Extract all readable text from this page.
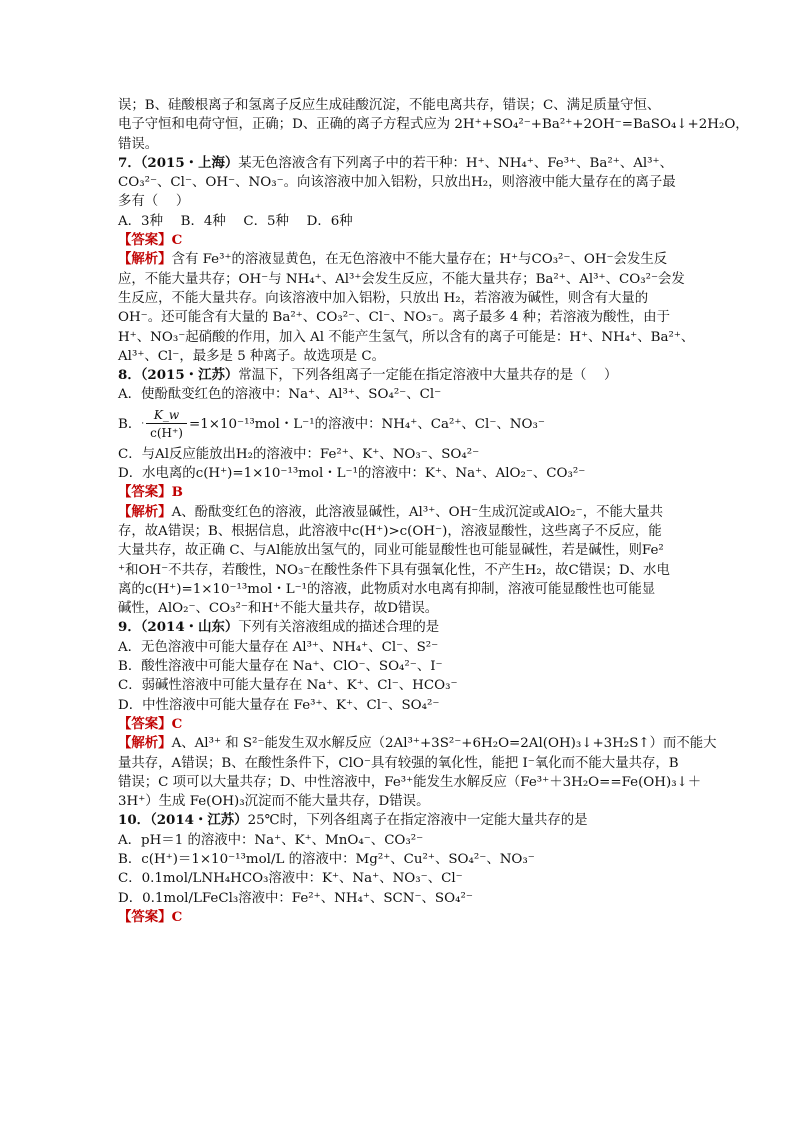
误；B、硅酸根离子和氢离子反应生成硅酸沉淀，不能电离共存，错误；C、满足质量守恒、
电子守恒和电荷守恒，正确；D、正确的离子方程式应为 2H⁺+SO₄²⁻+Ba²⁺+2OH⁻=BaSO₄↓+2H₂O，
错误。
7．（2015・上海）某无色溶液含有下列离子中的若干种：H⁺、NH₄⁺、Fe³⁺、Ba²⁺、Al³⁺、
CO₃²⁻、Cl⁻、OH⁻、NO₃⁻。向该溶液中加入铝粉，只放出H₂，则溶液中能大量存在的离子最
多有（　 ）
A．3种　 B．4种　 C．5种　 D．6种
【答案】C
【解析】含有 Fe³⁺的溶液显黄色，在无色溶液中不能大量存在；H⁺与CO₃²⁻、OH⁻会发生反
应，不能大量共存；OH⁻与 NH₄⁺、Al³⁺会发生反应，不能大量共存；Ba²⁺、Al³⁺、CO₃²⁻会发
生反应，不能大量共存。向该溶液中加入铝粉，只放出 H₂，若溶液为碱性，则含有大量的
OH⁻。还可能含有大量的 Ba²⁺、CO₃²⁻、Cl⁻、NO₃⁻。离子最多 4 种；若溶液为酸性，由于
H⁺、NO₃⁻起硝酸的作用，加入 Al 不能产生氢气，所以含有的离子可能是：H⁺、NH₄⁺、Ba²⁺、
Al³⁺、Cl⁻，最多是 5 种离子。故选项是 C。
8．（2015・江苏）常温下，下列各组离子一定能在指定溶液中大量共存的是（　 ）
A．使酚酞变红色的溶液中：Na⁺、Al³⁺、SO₄²⁻、Cl⁻
B． · $\frac{K\_w}{c(H^+)} =1\times 10^{-13}mol$・L⁻¹的溶液中：NH₄⁺、Ca²⁺、Cl⁻、NO₃⁻
C．与Al反应能放出H₂的溶液中：Fe²⁺、K⁺、NO₃⁻、SO₄²⁻
D．水电离的c(H⁺)=1×10⁻¹³mol・L⁻¹的溶液中：K⁺、Na⁺、AlO₂⁻、CO₃²⁻
【答案】B
【解析】A、酚酞变红色的溶液，此溶液显碱性，Al³⁺、OH⁻生成沉淀或AlO₂⁻，不能大量共
存，故A错误；B、根据信息，此溶液中c(H⁺)>c(OH⁻)，溶液显酸性，这些离子不反应，能
大量共存，故正确 C、与Al能放出氢气的，同业可能显酸性也可能显碱性，若是碱性，则Fe²
⁺和OH⁻不共存，若酸性，NO₃⁻在酸性条件下具有强氧化性，不产生H₂，故C错误；D、水电
离的c(H⁺)=1×10⁻¹³mol・L⁻¹的溶液，此物质对水电离有抑制，溶液可能显酸性也可能显
碱性，AlO₂⁻、CO₃²⁻和H⁺不能大量共存，故D错误。
9．（2014・山东）下列有关溶液组成的描述合理的是
A．无色溶液中可能大量存在 Al³⁺、NH₄⁺、Cl⁻、S²⁻
B．酸性溶液中可能大量存在 Na⁺、ClO⁻、SO₄²⁻、I⁻
C．弱碱性溶液中可能大量存在 Na⁺、K⁺、Cl⁻、HCO₃⁻
D．中性溶液中可能大量存在 Fe³⁺、K⁺、Cl⁻、SO₄²⁻
【答案】C
【解析】A、Al³⁺ 和 S²⁻能发生双水解反应（2Al³⁺+3S²⁻+6H₂O=2Al(OH)₃↓+3H₂S↑）而不能大
量共存，A错误；B、在酸性条件下，ClO⁻具有较强的氧化性，能把 I⁻氧化而不能大量共存，B
错误；C 项可以大量共存；D、中性溶液中，Fe³⁺能发生水解反应（Fe³⁺＋3H₂O==Fe(OH)₃↓＋
3H⁺）生成 Fe(OH)₃沉淀而不能大量共存，D错误。
10．（2014・江苏）25℃时，下列各组离子在指定溶液中一定能大量共存的是
A．pH＝1 的溶液中：Na⁺、K⁺、MnO₄⁻、CO₃²⁻
B．c(H⁺)＝1×10⁻¹³mol/L 的溶液中：Mg²⁺、Cu²⁺、SO₄²⁻、NO₃⁻
C．0.1mol/LNH₄HCO₃溶液中：K⁺、Na⁺、NO₃⁻、Cl⁻
D．0.1mol/LFeCl₃溶液中：Fe²⁺、NH₄⁺、SCN⁻、SO₄²⁻
【答案】C
